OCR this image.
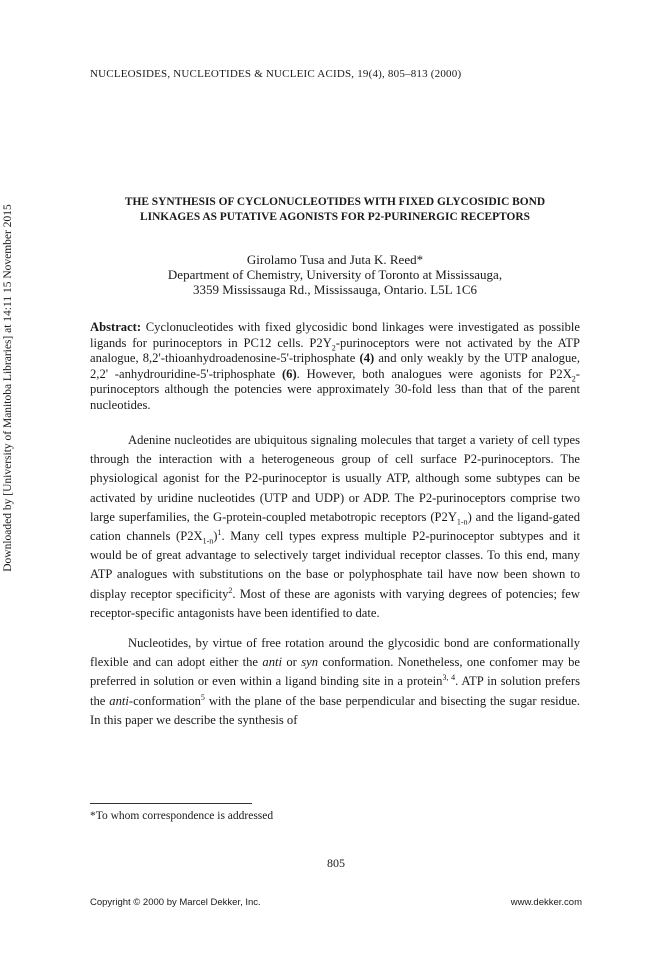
NUCLEOSIDES, NUCLEOTIDES & NUCLEIC ACIDS, 19(4), 805–813 (2000)
Downloaded by [University of Manitoba Libraries] at 14:11 15 November 2015
THE SYNTHESIS OF CYCLONUCLEOTIDES WITH FIXED GLYCOSIDIC BOND
LINKAGES AS PUTATIVE AGONISTS FOR P2-PURINERGIC RECEPTORS
Girolamo Tusa and Juta K. Reed*
Department of Chemistry, University of Toronto at Mississauga,
3359 Mississauga Rd., Mississauga, Ontario. L5L 1C6
Abstract: Cyclonucleotides with fixed glycosidic bond linkages were investigated as possible ligands for purinoceptors in PC12 cells. $P2Y_2$-purinoceptors were not activated by the ATP analogue, 8,2'-thioanhydroadenosine-5'-triphosphate (4) and only weakly by the UTP analogue, 2,2' -anhydrouridine-5'-triphosphate (6). However, both analogues were agonists for $P2X_2$-purinoceptors although the potencies were approximately 30-fold less than that of the parent nucleotides.
Adenine nucleotides are ubiquitous signaling molecules that target a variety of cell types through the interaction with a heterogeneous group of cell surface P2-purinoceptors. The physiological agonist for the P2-purinoceptor is usually ATP, although some subtypes can be activated by uridine nucleotides (UTP and UDP) or ADP. The P2-purinoceptors comprise two large superfamilies, the G-protein-coupled metabotropic receptors $(P2Y_{1-n})$ and the ligand-gated cation channels $(P2X_{1-n})^1$. Many cell types express multiple P2-purinoceptor subtypes and it would be of great advantage to selectively target individual receptor classes. To this end, many ATP analogues with substitutions on the base or polyphosphate tail have now been shown to display receptor specificity$^2$. Most of these are agonists with varying degrees of potencies; few receptor-specific antagonists have been identified to date.
Nucleotides, by virtue of free rotation around the glycosidic bond are conformationally flexible and can adopt either the anti or syn conformation. Nonetheless, one confomer may be preferred in solution or even within a ligand binding site in a protein$^{3, 4}$. ATP in solution prefers the anti-conformation$^5$ with the plane of the base perpendicular and bisecting the sugar residue. In this paper we describe the synthesis of
*To whom correspondence is addressed
805
Copyright © 2000 by Marcel Dekker, Inc.	www.dekker.com
